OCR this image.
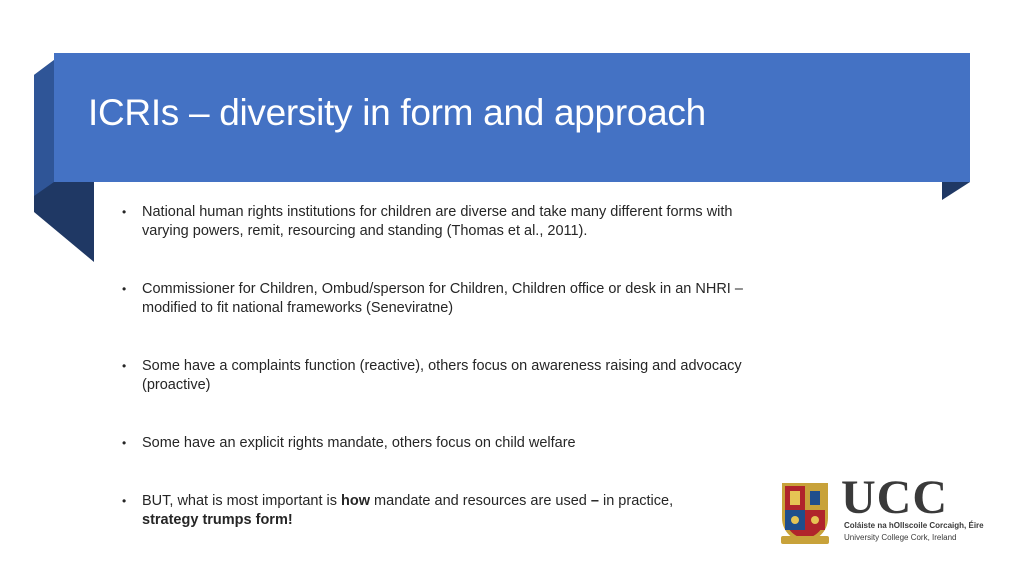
ICRIs – diversity in form and approach
• National human rights institutions for children are diverse and take many different forms with varying powers, remit, resourcing and standing (Thomas et al., 2011).
• Commissioner for Children, Ombud/sperson for Children, Children office or desk in an NHRI – modified to fit national frameworks (Seneviratne)
• Some have a complaints function (reactive), others focus on awareness raising and advocacy (proactive)
• Some have an explicit rights mandate, others focus on child welfare
• BUT, what is most important is how mandate and resources are used – in practice,
strategy trumps form!	UCC
Coláiste na hOllscoile Corcaigh, Éire
University College Cork, Ireland
